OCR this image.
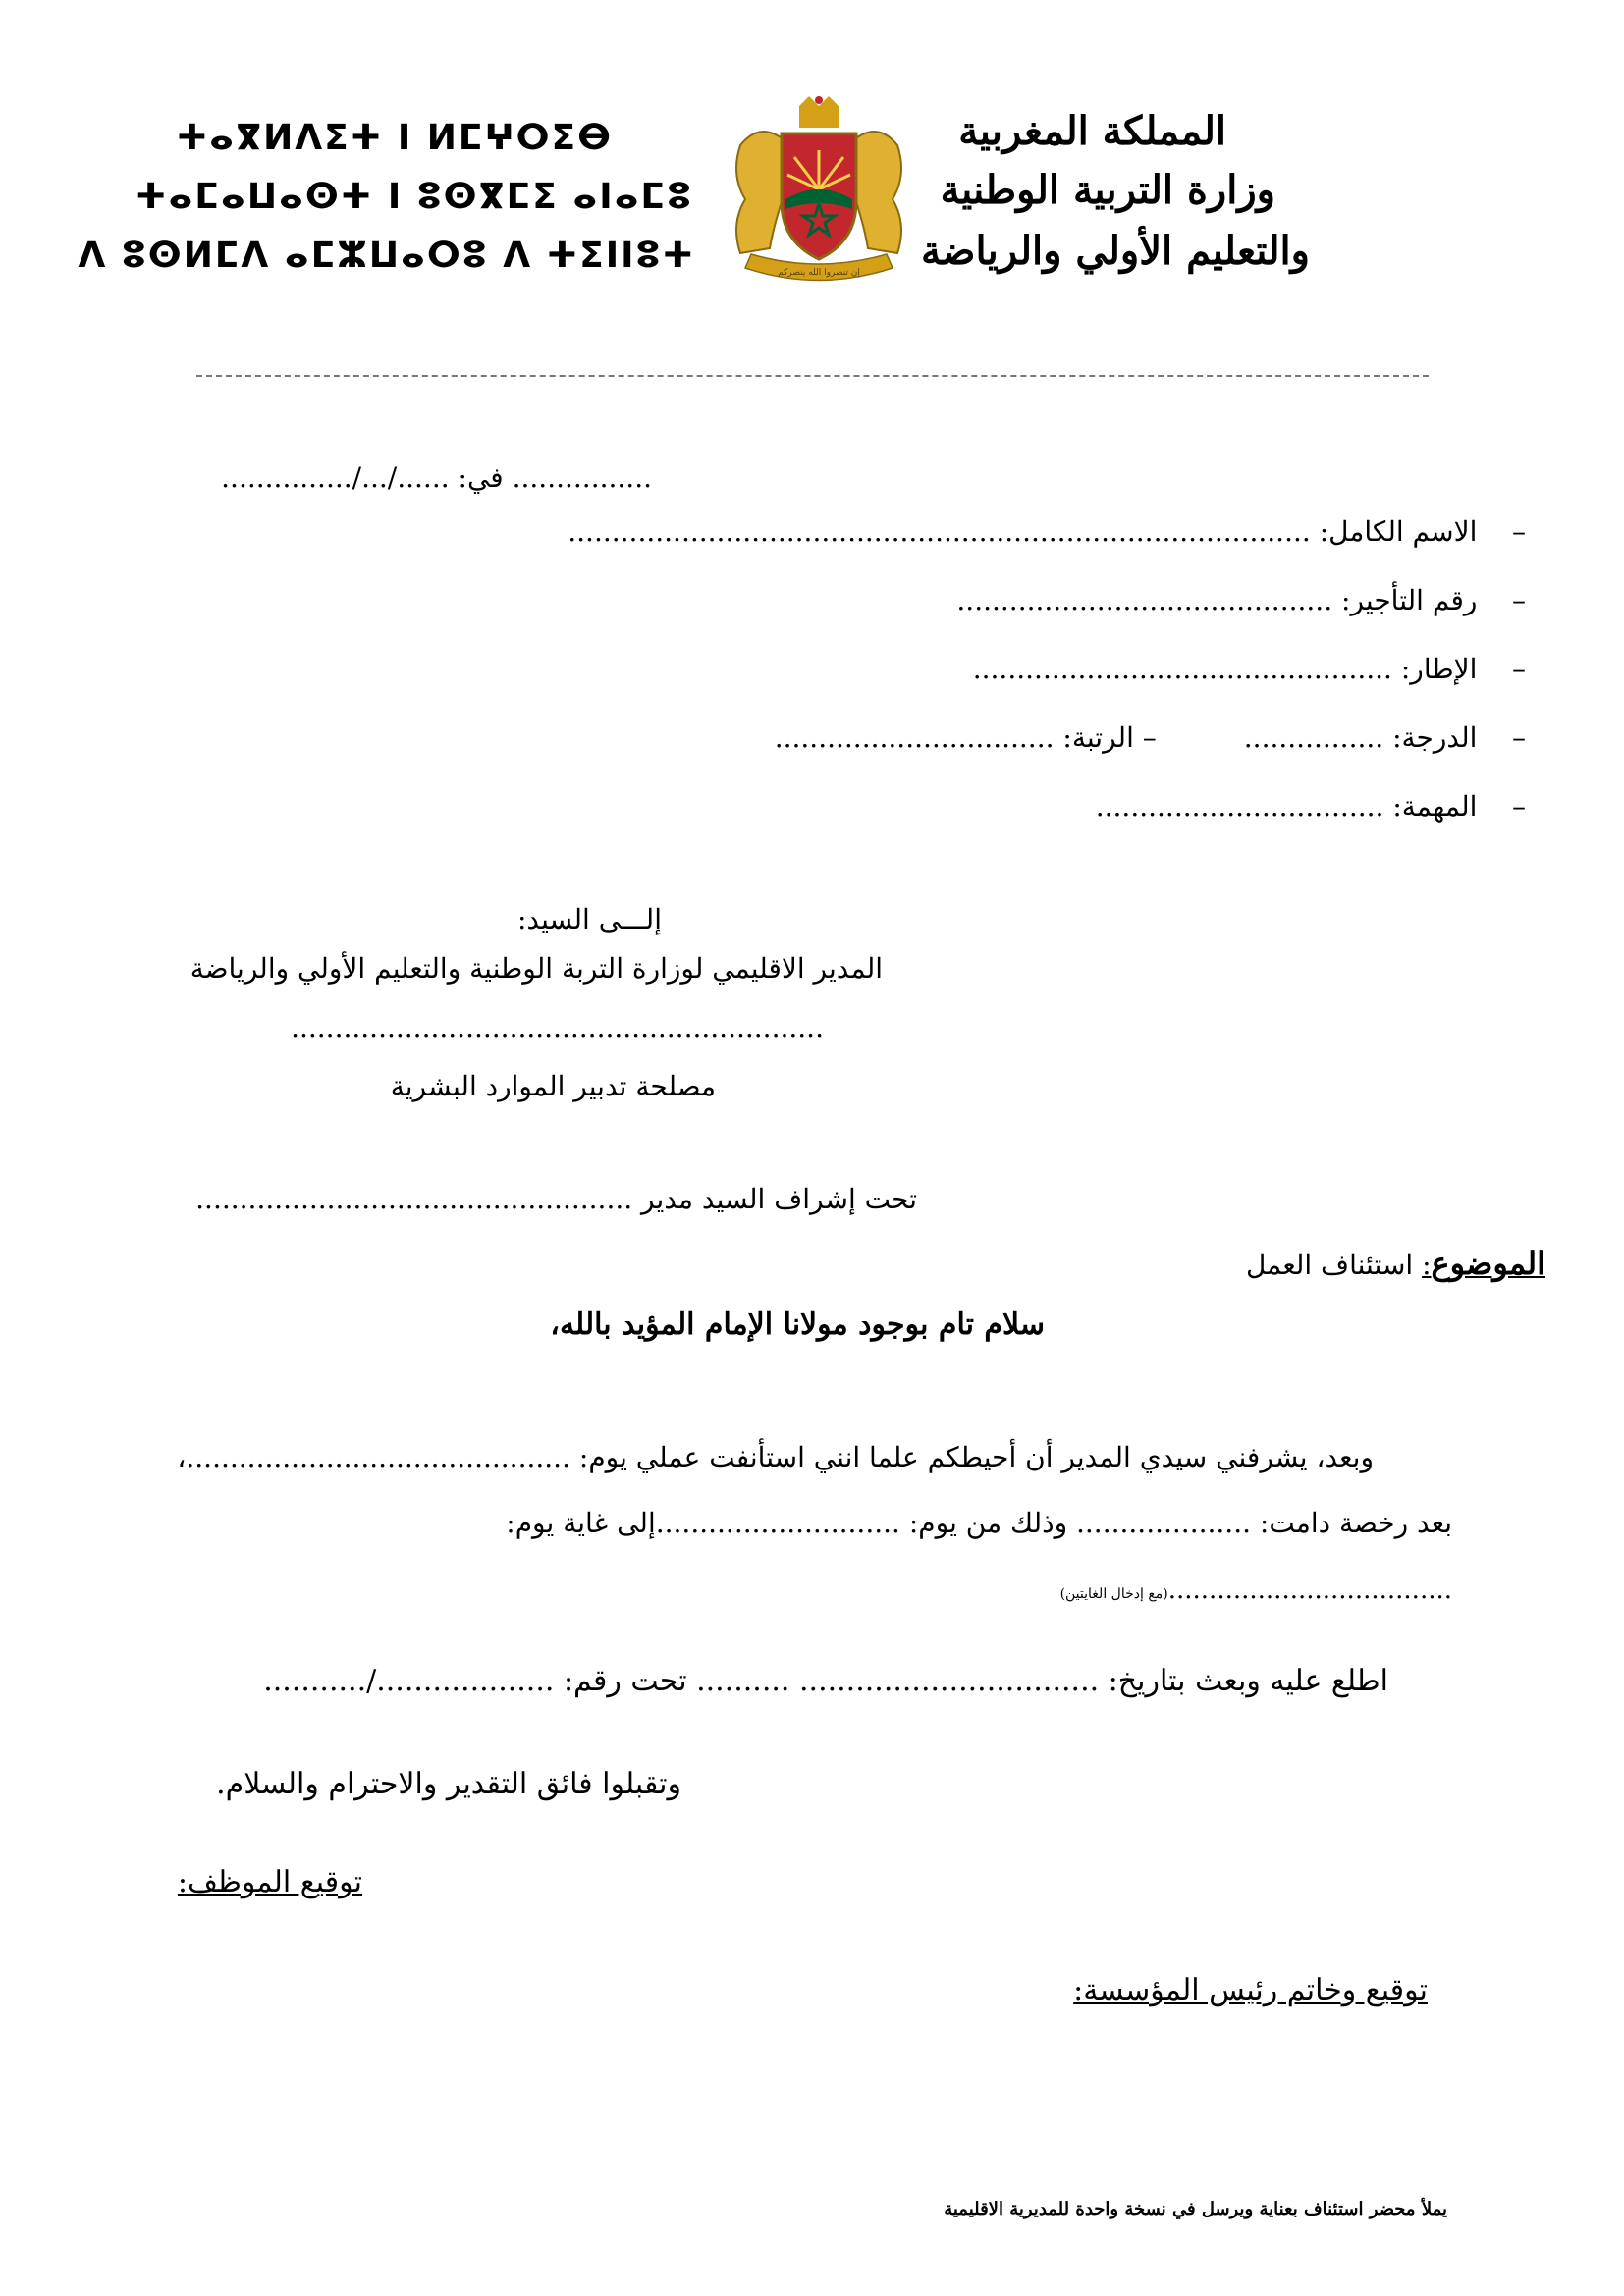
ⵜⴰⴳⵍⴷⵉⵜ ⵏ ⵍⵎⵖⵔⵉⴱ
ⵜⴰⵎⴰⵡⴰⵙⵜ ⵏ ⵓⵙⴳⵎⵉ ⴰⵏⴰⵎⵓ
ⴷ ⵓⵙⵍⵎⴷ ⴰⵎⵣⵡⴰⵔⵓ ⴷ ⵜⵉⵏⵏⵓⵜ	إن تنصروا الله ينصركم
المملكة المغربية
وزارة التربية الوطنية
والتعليم الأولي والرياضة
................ في: ....../.../...............
–    الاسم الكامل: .....................................................................................
–    رقم التأجير: ...........................................
–    الإطار: ................................................
–    الدرجة: ................          – الرتبة: ................................
–    المهمة: .................................
إلـــى السيد:
المدير الاقليمي لوزارة التربة الوطنية والتعليم الأولي والرياضة
.............................................................
مصلحة تدبير الموارد البشرية
تحت إشراف السيد مدير ..................................................
الموضوع: استئناف العمل
سلام تام بوجود مولانا الإمام المؤيد بالله،
وبعد، يشرفني سيدي المدير أن أحيطكم علما انني استأنفت عملي يوم: ............................................،
بعد رخصة دامت: .................... وذلك من يوم: ............................إلى غاية يوم:
...................................(مع إدخال الغايتين)
اطلع عليه وبعث بتاريخ: ................................ .......... تحت رقم: .................../...........
وتقبلوا فائق التقدير والاحترام والسلام.
توقيع الموظف:
توقيع وخاتم رئيس المؤسسة:
يملأ محضر استئناف بعناية ويرسل في نسخة واحدة للمديرية الاقليمية
